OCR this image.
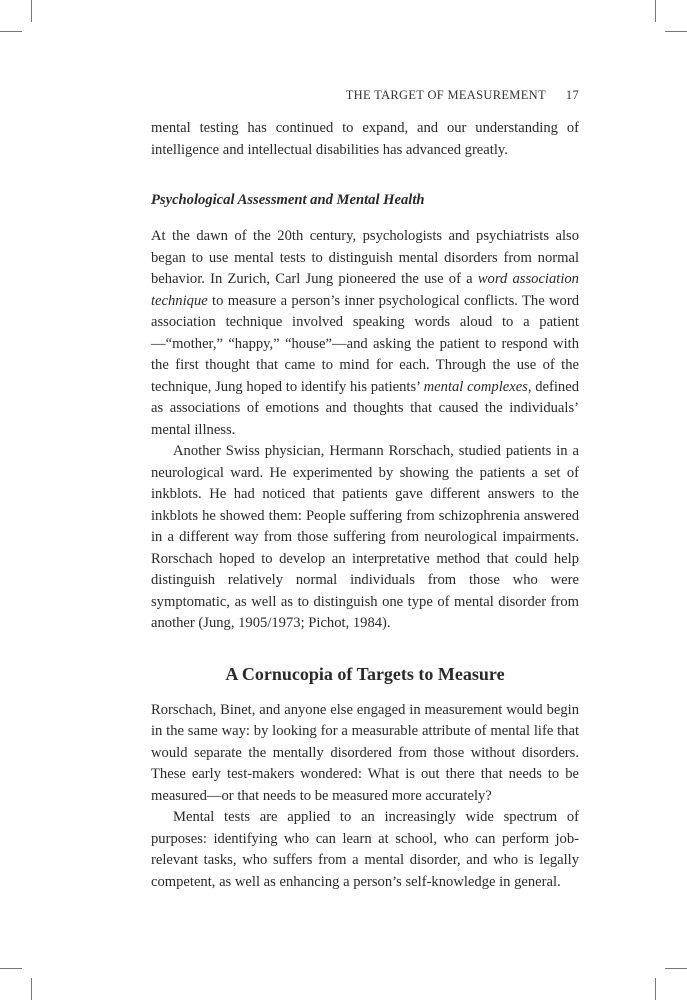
THE TARGET OF MEASUREMENT 17

mental testing has continued to expand, and our understanding of intelligence and intellectual disabilities has advanced greatly.

Psychological Assessment and Mental Health

At the dawn of the 20th century, psychologists and psychiatrists also began to use mental tests to distinguish mental disorders from normal behavior. In Zurich, Carl Jung pioneered the use of a word association technique to measure a person’s inner psychological conflicts. The word association technique involved speaking words aloud to a patient—“mother,” “happy,” “house”—and asking the patient to respond with the first thought that came to mind for each. Through the use of the technique, Jung hoped to identify his patients’ mental complexes, defined as associations of emotions and thoughts that caused the individuals’ mental illness.

Another Swiss physician, Hermann Rorschach, studied patients in a neurological ward. He experimented by showing the patients a set of inkblots. He had noticed that patients gave different answers to the inkblots he showed them: People suffering from schizophrenia answered in a different way from those suffering from neurological impairments. Rorschach hoped to develop an interpretative method that could help distinguish relatively normal individuals from those who were symptomatic, as well as to distinguish one type of mental disorder from another (Jung, 1905/1973; Pichot, 1984).

A Cornucopia of Targets to Measure

Rorschach, Binet, and anyone else engaged in measurement would begin in the same way: by looking for a measurable attribute of mental life that would separate the mentally disordered from those without disorders. These early test-makers wondered: What is out there that needs to be measured—or that needs to be measured more accurately?

Mental tests are applied to an increasingly wide spectrum of purposes: identifying who can learn at school, who can perform job-relevant tasks, who suffers from a mental disorder, and who is legally competent, as well as enhancing a person’s self-knowledge in general.
